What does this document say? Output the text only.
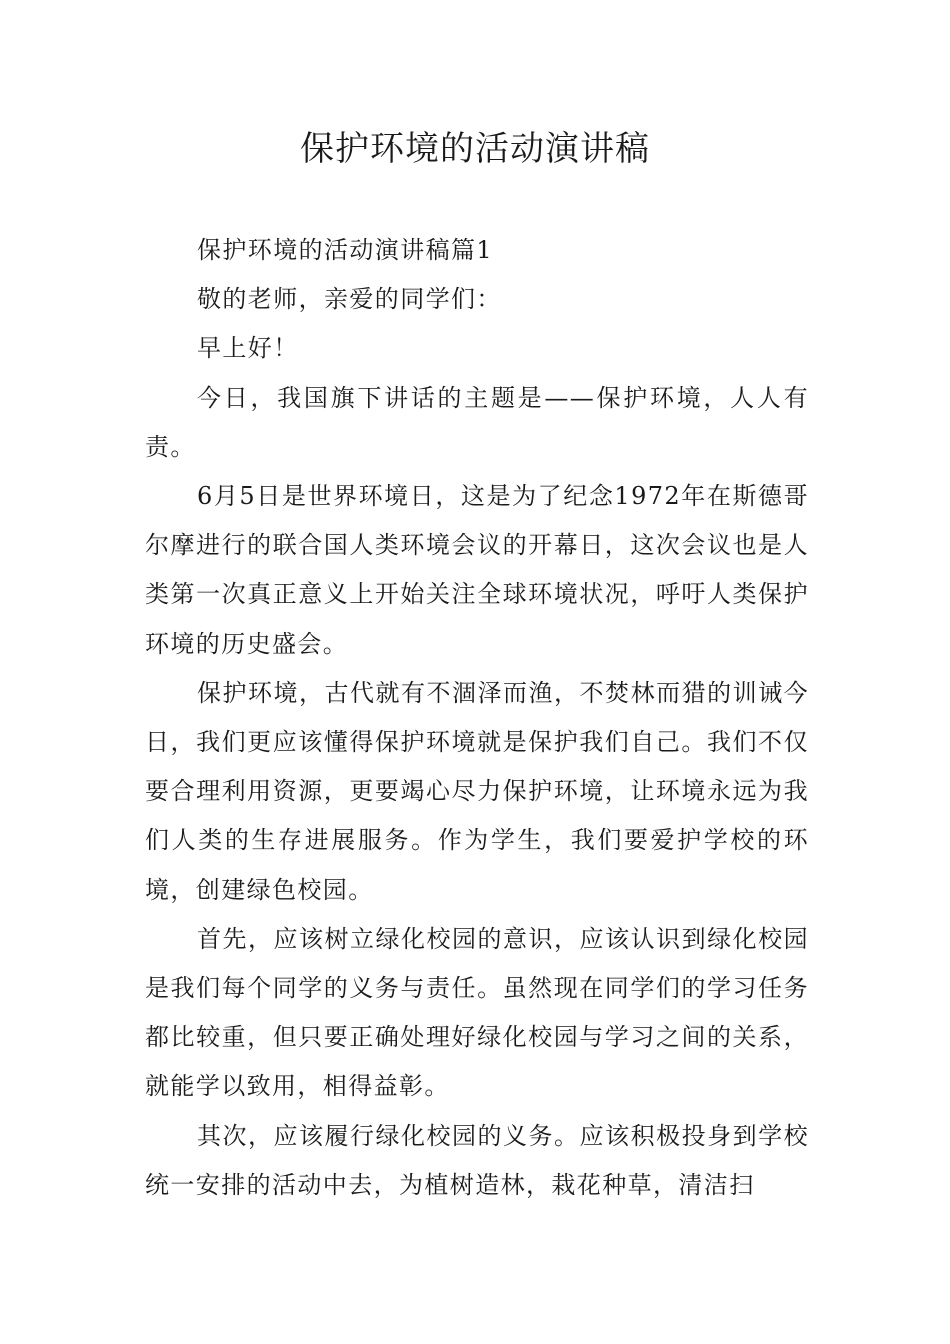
保护环境的活动演讲稿

保护环境的活动演讲稿篇1

敬的老师，亲爱的同学们：

早上好！

今日，我国旗下讲话的主题是——保护环境，人人有责。

6月5日是世界环境日，这是为了纪念1972年在斯德哥尔摩进行的联合国人类环境会议的开幕日，这次会议也是人类第一次真正意义上开始关注全球环境状况，呼吁人类保护环境的历史盛会。

保护环境，古代就有不涸泽而渔，不焚林而猎的训诫今日，我们更应该懂得保护环境就是保护我们自己。我们不仅要合理利用资源，更要竭心尽力保护环境，让环境永远为我们人类的生存进展服务。作为学生，我们要爱护学校的环境，创建绿色校园。

首先，应该树立绿化校园的意识，应该认识到绿化校园是我们每个同学的义务与责任。虽然现在同学们的学习任务都比较重，但只要正确处理好绿化校园与学习之间的关系，就能学以致用，相得益彰。

其次，应该履行绿化校园的义务。应该积极投身到学校统一安排的活动中去，为植树造林，栽花种草，清洁扫
